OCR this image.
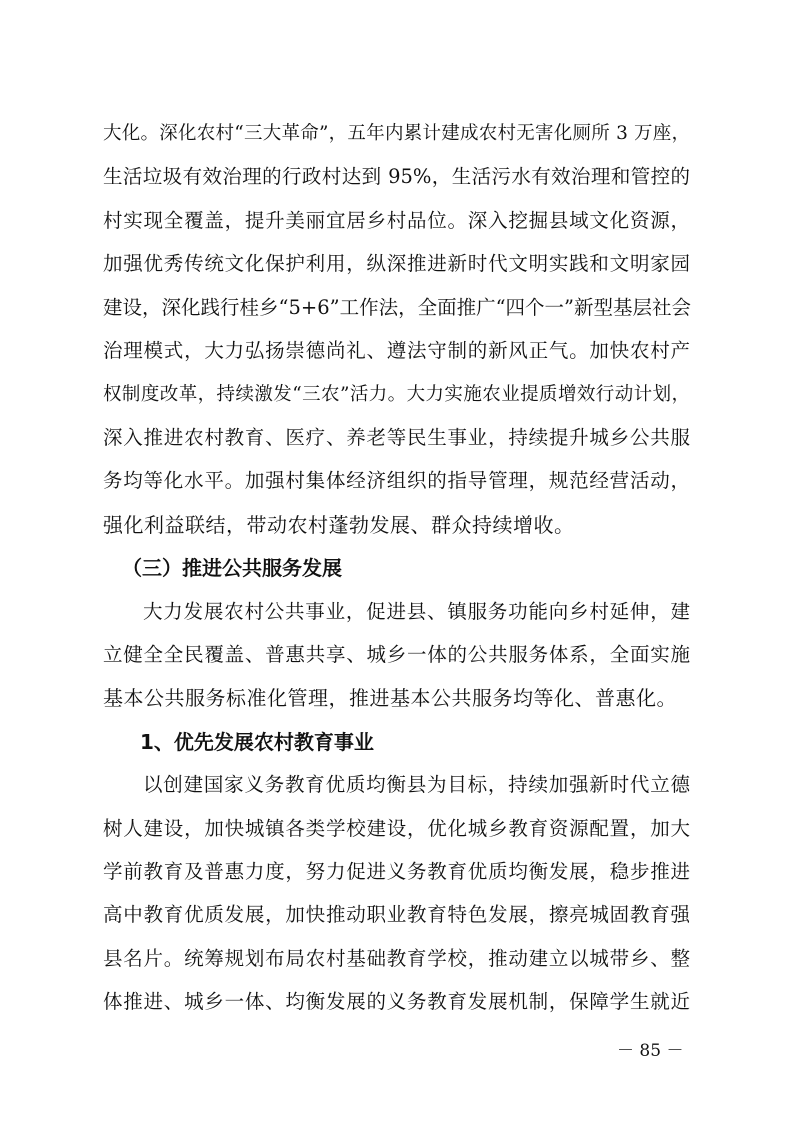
大化。深化农村“三大革命”，五年内累计建成农村无害化厕所 3 万座，
生活垃圾有效治理的行政村达到 95%，生活污水有效治理和管控的
村实现全覆盖，提升美丽宜居乡村品位。深入挖掘县域文化资源，
加强优秀传统文化保护利用，纵深推进新时代文明实践和文明家园
建设，深化践行桂乡“5+6”工作法，全面推广“四个一”新型基层社会
治理模式，大力弘扬崇德尚礼、遵法守制的新风正气。加快农村产
权制度改革，持续激发“三农”活力。大力实施农业提质增效行动计划，
深入推进农村教育、医疗、养老等民生事业，持续提升城乡公共服
务均等化水平。加强村集体经济组织的指导管理，规范经营活动，
强化利益联结，带动农村蓬勃发展、群众持续增收。
（三）推进公共服务发展
大力发展农村公共事业，促进县、镇服务功能向乡村延伸，建
立健全全民覆盖、普惠共享、城乡一体的公共服务体系，全面实施
基本公共服务标准化管理，推进基本公共服务均等化、普惠化。
1、优先发展农村教育事业
以创建国家义务教育优质均衡县为目标，持续加强新时代立德
树人建设，加快城镇各类学校建设，优化城乡教育资源配置，加大
学前教育及普惠力度，努力促进义务教育优质均衡发展，稳步推进
高中教育优质发展，加快推动职业教育特色发展，擦亮城固教育强
县名片。统筹规划布局农村基础教育学校，推动建立以城带乡、整
体推进、城乡一体、均衡发展的义务教育发展机制，保障学生就近
－ 85 －
